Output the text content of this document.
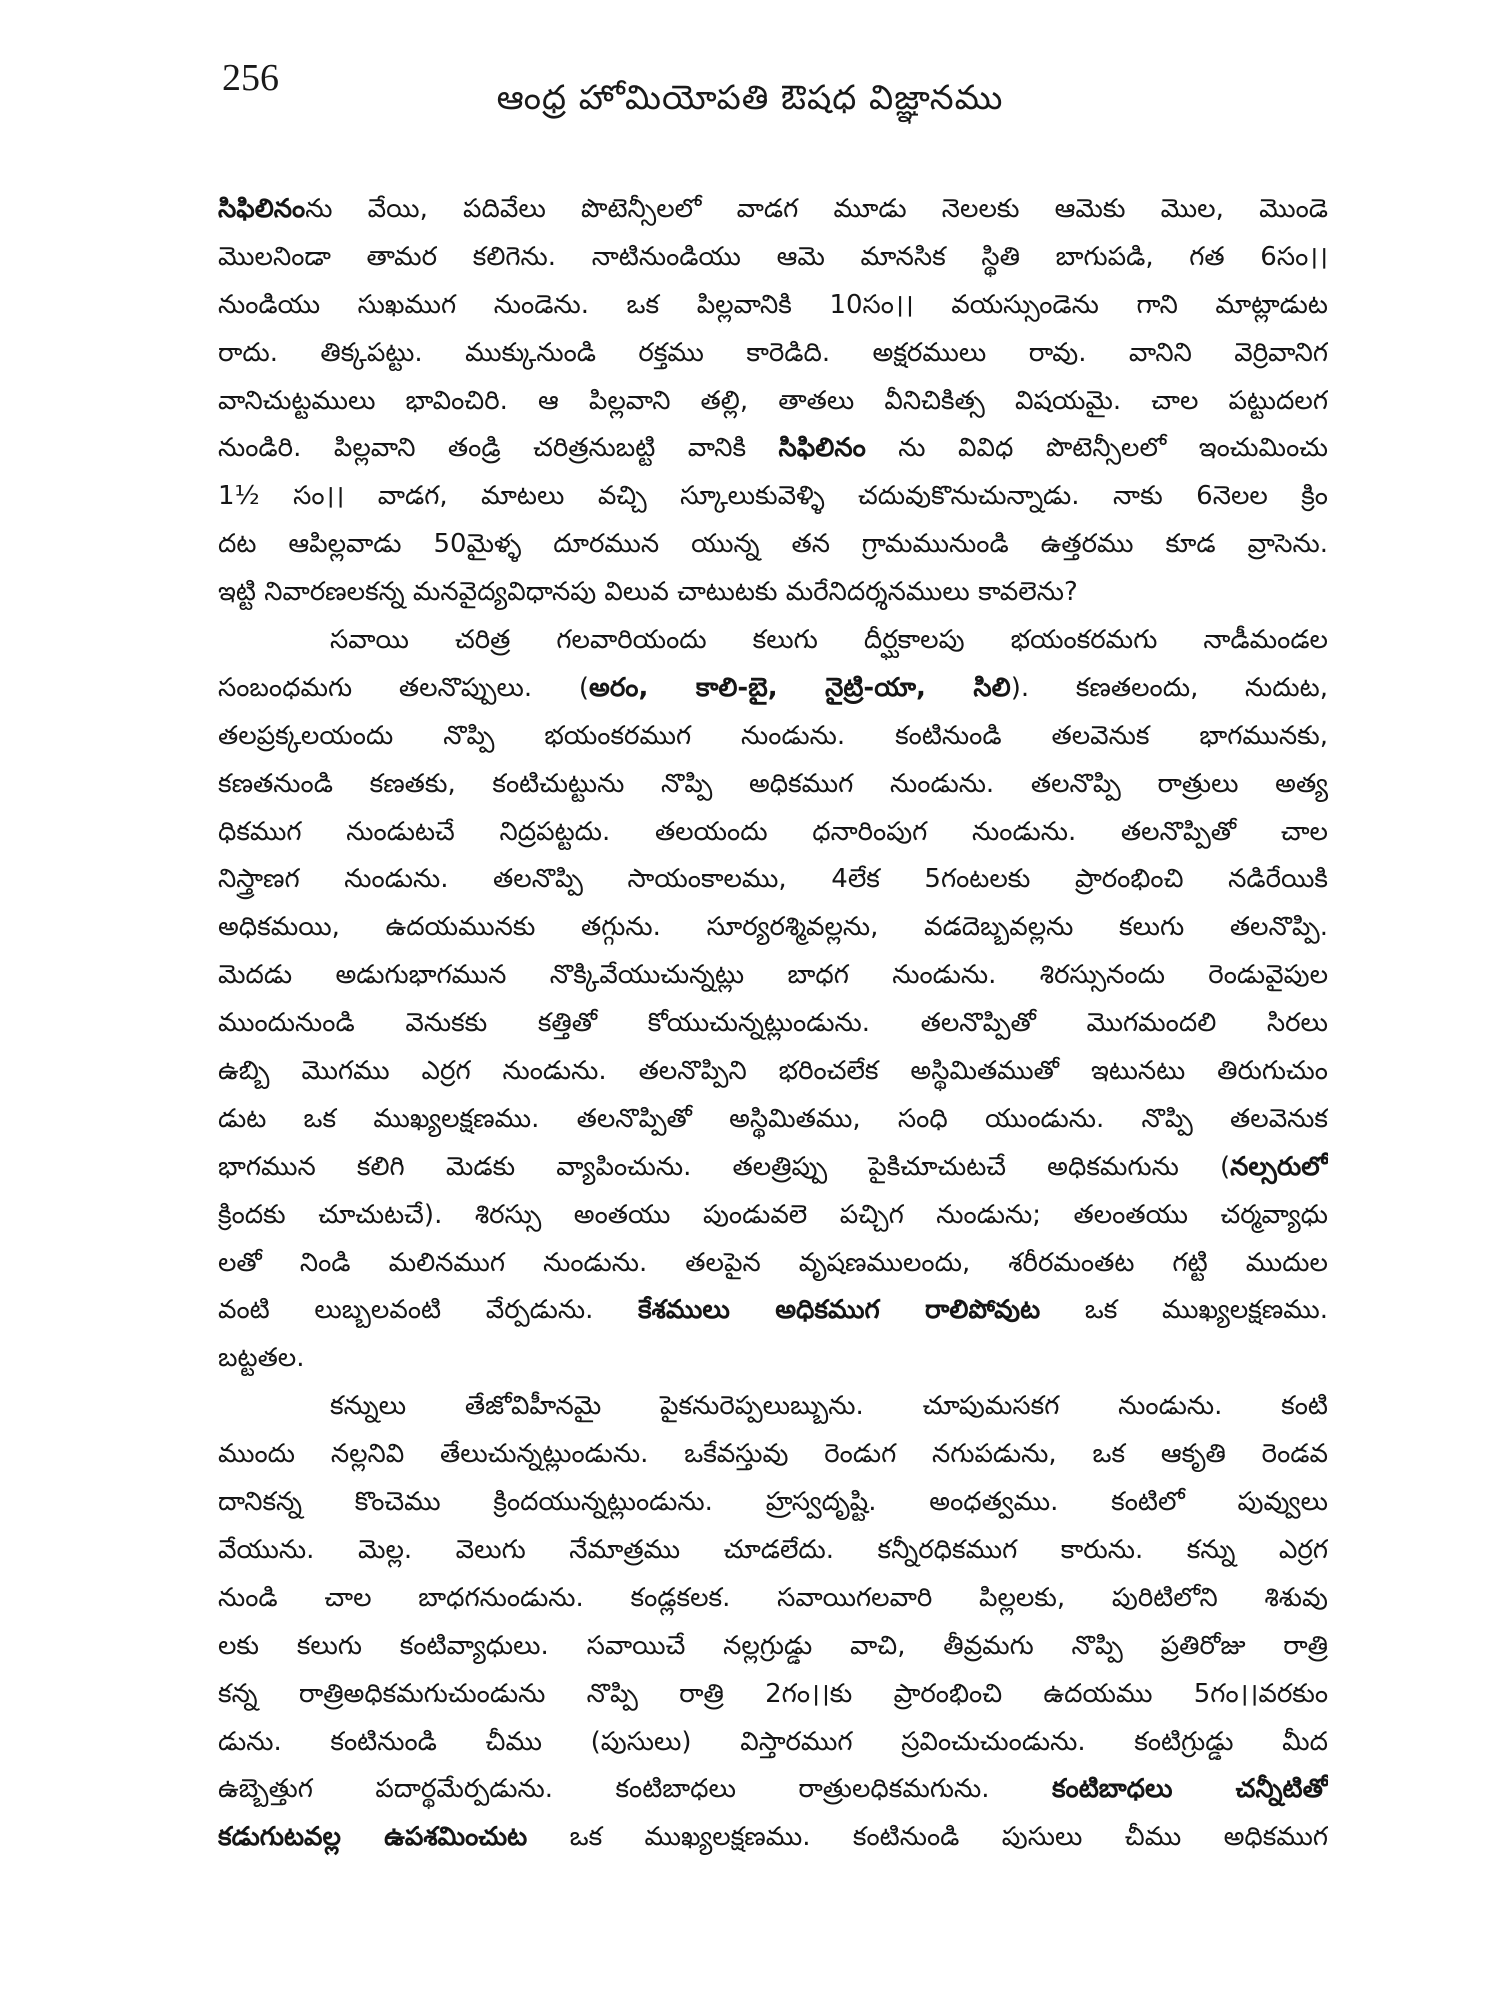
256	ఆంధ్ర హోమియోపతి ఔషధ విజ్ఞానము
సిఫిలినంను వేయి, పదివేలు పొటెన్సీలలో వాడగ మూడు నెలలకు ఆమెకు మొల, మొండె
మొలనిండా తామర కలిగెను. నాటినుండియు ఆమె మానసిక స్థితి బాగుపడి, గత 6సం।।
నుండియు సుఖముగ నుండెను. ఒక పిల్లవానికి 10సం।। వయస్సుండెను గాని మాట్లాడుట
రాదు. తిక్కపట్టు. ముక్కునుండి రక్తము కారెడిది. అక్షరములు రావు. వానిని వెర్రివానిగ
వానిచుట్టములు భావించిరి. ఆ పిల్లవాని తల్లి, తాతలు వీనిచికిత్స విషయమై. చాల పట్టుదలగ
నుండిరి. పిల్లవాని తండ్రి చరిత్రనుబట్టి వానికి సిఫిలినం ను వివిధ పొటెన్సీలలో ఇంచుమించు
1½ సం।। వాడగ, మాటలు వచ్చి స్కూలుకువెళ్ళి చదువుకొనుచున్నాడు. నాకు 6నెలల క్రిం
దట ఆపిల్లవాడు 50మైళ్ళ దూరమున యున్న తన గ్రామమునుండి ఉత్తరము కూడ వ్రాసెను.
ఇట్టి నివారణలకన్న మనవైద్యవిధానపు విలువ చాటుటకు మరేనిదర్శనములు కావలెను?
సవాయి చరిత్ర గలవారియందు కలుగు దీర్ఘకాలపు భయంకరమగు నాడీమండల
సంబంధమగు తలనొప్పులు. (అరం, కాలి-బై, నైట్రి-యా, సిలి). కణతలందు, నుదుట,
తలప్రక్కలయందు నొప్పి భయంకరముగ నుండును. కంటినుండి తలవెనుక భాగమునకు,
కణతనుండి కణతకు, కంటిచుట్టును నొప్పి అధికముగ నుండును. తలనొప్పి రాత్రులు అత్య
ధికముగ నుండుటచే నిద్రపట్టదు. తలయందు ధనారింపుగ నుండును. తలనొప్పితో చాల
నిస్త్రాణగ నుండును. తలనొప్పి సాయంకాలము, 4లేక 5గంటలకు ప్రారంభించి నడిరేయికి
అధికమయి, ఉదయమునకు తగ్గును. సూర్యరశ్మివల్లను, వడదెబ్బవల్లను కలుగు తలనొప్పి.
మెదడు అడుగుభాగమున నొక్కివేయుచున్నట్లు బాధగ నుండును. శిరస్సునందు రెండువైపుల
ముందునుండి వెనుకకు కత్తితో కోయుచున్నట్లుండును. తలనొప్పితో మొగమందలి సిరలు
ఉబ్బి మొగము ఎర్రగ నుండును. తలనొప్పిని భరించలేక అస్థిమితముతో ఇటునటు తిరుగుచుం
డుట ఒక ముఖ్యలక్షణము. తలనొప్పితో అస్థిమితము, సంధి యుండును. నొప్పి తలవెనుక
భాగమున కలిగి మెడకు వ్యాపించును. తలత్రిప్పు పైకిచూచుటచే అధికమగును (నల్సరులో
క్రిందకు చూచుటచే). శిరస్సు అంతయు పుండువలె పచ్చిగ నుండును; తలంతయు చర్మవ్యాధు
లతో నిండి మలినముగ నుండును. తలపైన వృషణములందు, శరీరమంతట గట్టి ముదుల
వంటి లుబ్బలవంటి వేర్పడును. కేశములు అధికముగ రాలిపోవుట ఒక ముఖ్యలక్షణము.
బట్టతల.
కన్నులు తేజోవిహీనమై పైకనురెప్పలుబ్బును. చూపుమసకగ నుండును. కంటి
ముందు నల్లనివి తేలుచున్నట్లుండును. ఒకేవస్తువు రెండుగ నగుపడును, ఒక ఆకృతి రెండవ
దానికన్న కొంచెము క్రిందయున్నట్లుండును. హ్రస్వదృష్టి. అంధత్వము. కంటిలో పువ్వులు
వేయును. మెల్ల. వెలుగు నేమాత్రము చూడలేదు. కన్నీరధికముగ కారును. కన్ను ఎర్రగ
నుండి చాల బాధగనుండును. కండ్లకలక. సవాయిగలవారి పిల్లలకు, పురిటిలోని శిశువు
లకు కలుగు కంటివ్యాధులు. సవాయిచే నల్లగ్రుడ్డు వాచి, తీవ్రమగు నొప్పి ప్రతిరోజు రాత్రి
కన్న రాత్రిఅధికమగుచుండును నొప్పి రాత్రి 2గం।।కు ప్రారంభించి ఉదయము 5గం।।వరకుం
డును. కంటినుండి చీము (పుసులు) విస్తారముగ స్రవించుచుండును. కంటిగ్రుడ్డు మీద
ఉబ్బెత్తుగ పదార్థమేర్పడును. కంటిబాధలు రాత్రులధికమగును. కంటిబాధలు చన్నీటితో
కడుగుటవల్ల ఉపశమించుట ఒక ముఖ్యలక్షణము. కంటినుండి పుసులు చీము అధికముగ
